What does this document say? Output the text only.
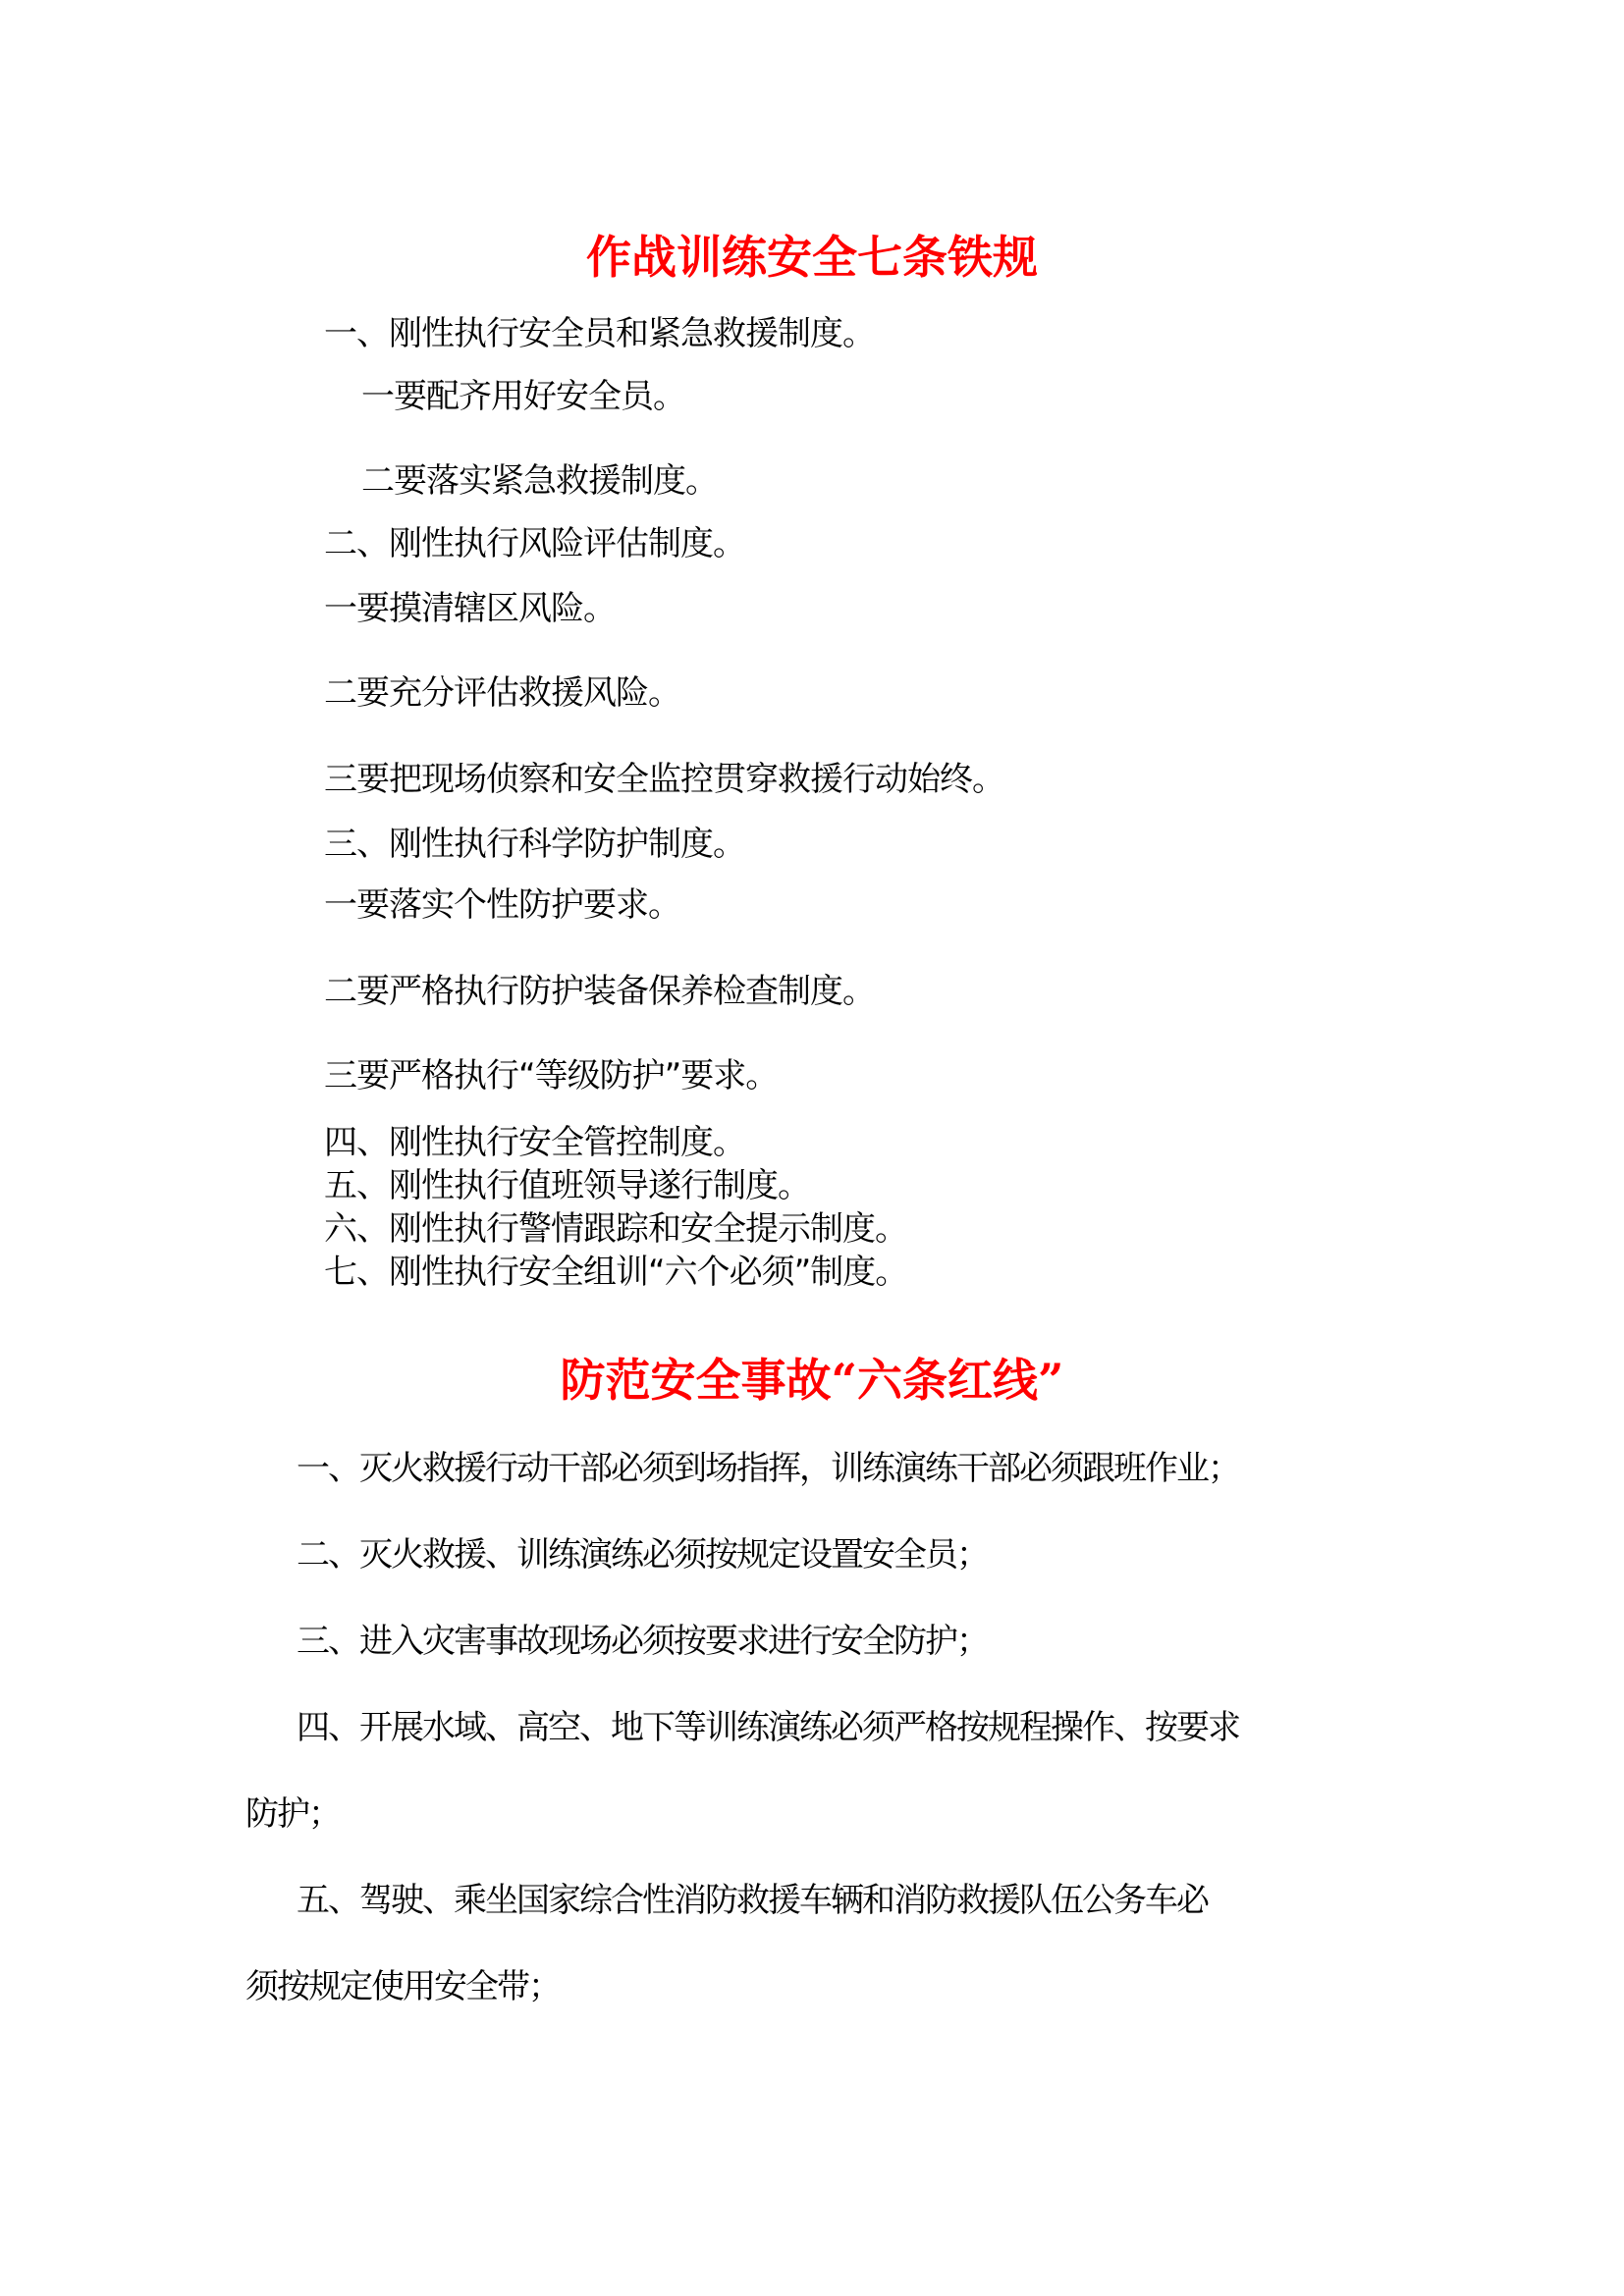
作战训练安全七条铁规
一、刚性执行安全员和紧急救援制度。
一要配齐用好安全员。
二要落实紧急救援制度。
二、刚性执行风险评估制度。
一要摸清辖区风险。
二要充分评估救援风险。
三要把现场侦察和安全监控贯穿救援行动始终。
三、刚性执行科学防护制度。
一要落实个性防护要求。
二要严格执行防护装备保养检查制度。
三要严格执行“等级防护”要求。
四、刚性执行安全管控制度。
五、刚性执行值班领导遂行制度。
六、刚性执行警情跟踪和安全提示制度。
七、刚性执行安全组训“六个必须”制度。
防范安全事故“六条红线”
一、灭火救援行动干部必须到场指挥，训练演练干部必须跟班作业；
二、灭火救援、训练演练必须按规定设置安全员；
三、进入灾害事故现场必须按要求进行安全防护；
四、开展水域、高空、地下等训练演练必须严格按规程操作、按要求
防护；
五、驾驶、乘坐国家综合性消防救援车辆和消防救援队伍公务车必
须按规定使用安全带；
